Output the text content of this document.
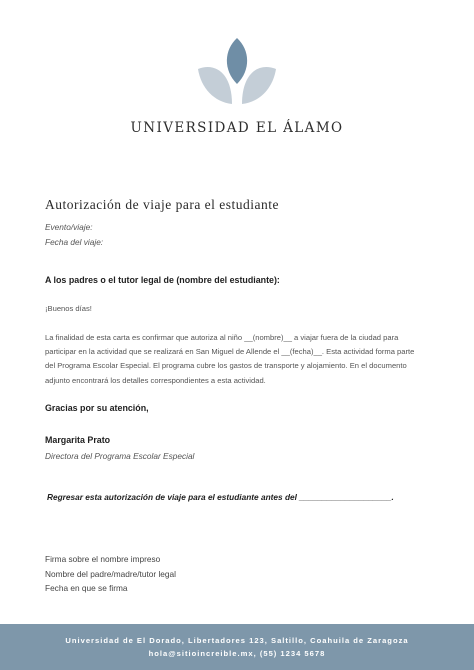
UNIVERSIDAD EL ÁLAMO
Autorización de viaje para el estudiante
Evento/viaje:
Fecha del viaje:
A los padres o el tutor legal de (nombre del estudiante):
¡Buenos días!
La finalidad de esta carta es confirmar que autoriza al niño __(nombre)__ a viajar fuera de la ciudad para
participar en la actividad que se realizará en San Miguel de Allende el __(fecha)__. Esta actividad forma parte
del Programa Escolar Especial. El programa cubre los gastos de transporte y alojamiento. En el documento
adjunto encontrará los detalles correspondientes a esta actividad.
Gracias por su atención,
Margarita Prato
Directora del Programa Escolar Especial
Regresar esta autorización de viaje para el estudiante antes del ____________________.
Firma sobre el nombre impreso
Nombre del padre/madre/tutor legal
Fecha en que se firma
Universidad de El Dorado, Libertadores 123, Saltillo, Coahuila de Zaragoza
hola@sitioincreible.mx, (55) 1234 5678
